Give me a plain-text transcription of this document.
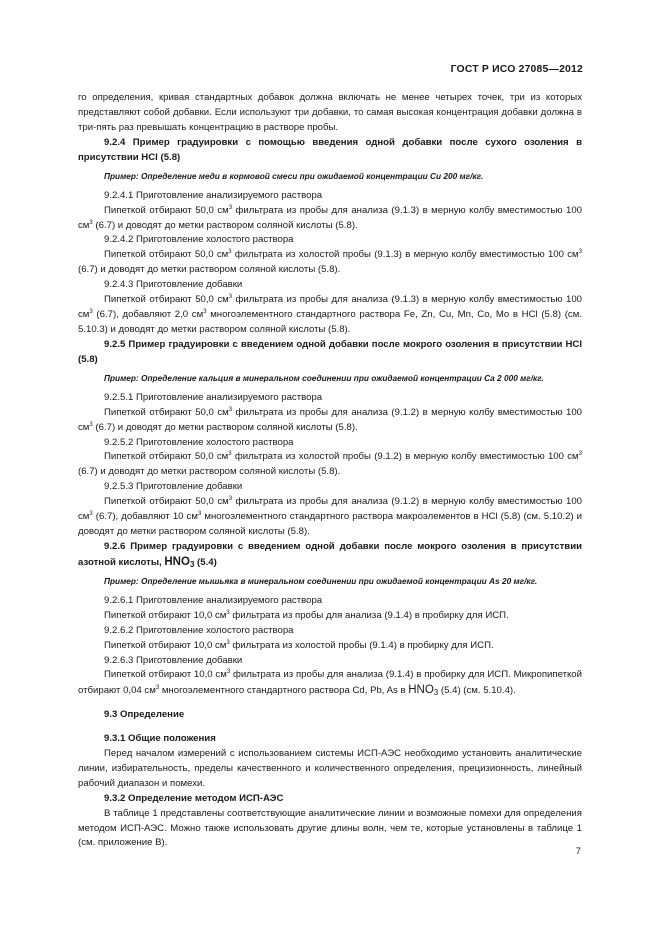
ГОСТ Р ИСО 27085—2012

го определения, кривая стандартных добавок должна включать не менее четырех точек, три из которых представляют собой добавки. Если используют три добавки, то самая высокая концентрация добавки должна в три-пять раз превышать концентрацию в растворе пробы.

9.2.4 Пример градуировки с помощью введения одной добавки после сухого озоления в присутствии HCl (5.8)

Пример: Определение меди в кормовой смеси при ожидаемой концентрации Cu 200 мг/кг.

9.2.4.1 Приготовление анализируемого раствора

Пипеткой отбирают 50,0 $см^3$ фильтрата из пробы для анализа (9.1.3) в мерную колбу вместимостью 100 $см^3$ (6.7) и доводят до метки раствором соляной кислоты (5.8).

9.2.4.2 Приготовление холостого раствора

Пипеткой отбирают 50,0 $см^3$ фильтрата из холостой пробы (9.1.3) в мерную колбу вместимостью 100 $см^3$ (6.7) и доводят до метки раствором соляной кислоты (5.8).

9.2.4.3 Приготовление добавки

Пипеткой отбирают 50,0 $см^3$ фильтрата из пробы для анализа (9.1.3) в мерную колбу вместимостью 100 $см^3$ (6.7), добавляют 2,0 $см^3$ многоэлементного стандартного раствора Fe, Zn, Cu, Mn, Co, Mo в HCl (5.8) (см. 5.10.3) и доводят до метки раствором соляной кислоты (5.8).

9.2.5 Пример градуировки с введением одной добавки после мокрого озоления в присутствии HCl (5.8)

Пример: Определение кальция в минеральном соединении при ожидаемой концентрации Ca 2 000 мг/кг.

9.2.5.1 Приготовление анализируемого раствора

Пипеткой отбирают 50,0 $см^3$ фильтрата из пробы для анализа (9.1.2) в мерную колбу вместимостью 100 $см^3$ (6.7) и доводят до метки раствором соляной кислоты (5.8).

9.2.5.2 Приготовление холостого раствора

Пипеткой отбирают 50,0 $см^3$ фильтрата из холостой пробы (9.1.2) в мерную колбу вместимостью 100 $см^3$ (6.7) и доводят до метки раствором соляной кислоты (5.8).

9.2.5.3 Приготовление добавки

Пипеткой отбирают 50,0 $см^3$ фильтрата из пробы для анализа (9.1.2) в мерную колбу вместимостью 100 $см^3$ (6.7), добавляют 10 $см^3$ многоэлементного стандартного раствора макроэлементов в HCl (5.8) (см. 5.10.2) и доводят до метки раствором соляной кислоты (5.8).

9.2.6 Пример градуировки с введением одной добавки после мокрого озоления в присутствии азотной кислоты, $HNO_3$ (5.4)

Пример: Определение мышьяка в минеральном соединении при ожидаемой концентрации As 20 мг/кг.

9.2.6.1 Приготовление анализируемого раствора

Пипеткой отбирают 10,0 $см^3$ фильтрата из пробы для анализа (9.1.4) в пробирку для ИСП.

9.2.6.2 Приготовление холостого раствора

Пипеткой отбирают 10,0 $см^3$ фильтрата из холостой пробы (9.1.4) в пробирку для ИСП.

9.2.6.3 Приготовление добавки

Пипеткой отбирают 10,0 $см^3$ фильтрата из пробы для анализа (9.1.4) в пробирку для ИСП. Микропипеткой отбирают 0,04 $см^3$ многоэлементного стандартного раствора Cd, Pb, As в $HNO_3$ (5.4) (см. 5.10.4).

9.3 Определение

9.3.1 Общие положения

Перед началом измерений с использованием системы ИСП-АЭС необходимо установить аналитические линии, избирательность, пределы качественного и количественного определения, прецизионность, линейный рабочий диапазон и помехи.

9.3.2 Определение методом ИСП-АЭС

В таблице 1 представлены соответствующие аналитические линии и возможные помехи для определения методом ИСП-АЭС. Можно также использовать другие длины волн, чем те, которые установлены в таблице 1 (см. приложение В).

7
